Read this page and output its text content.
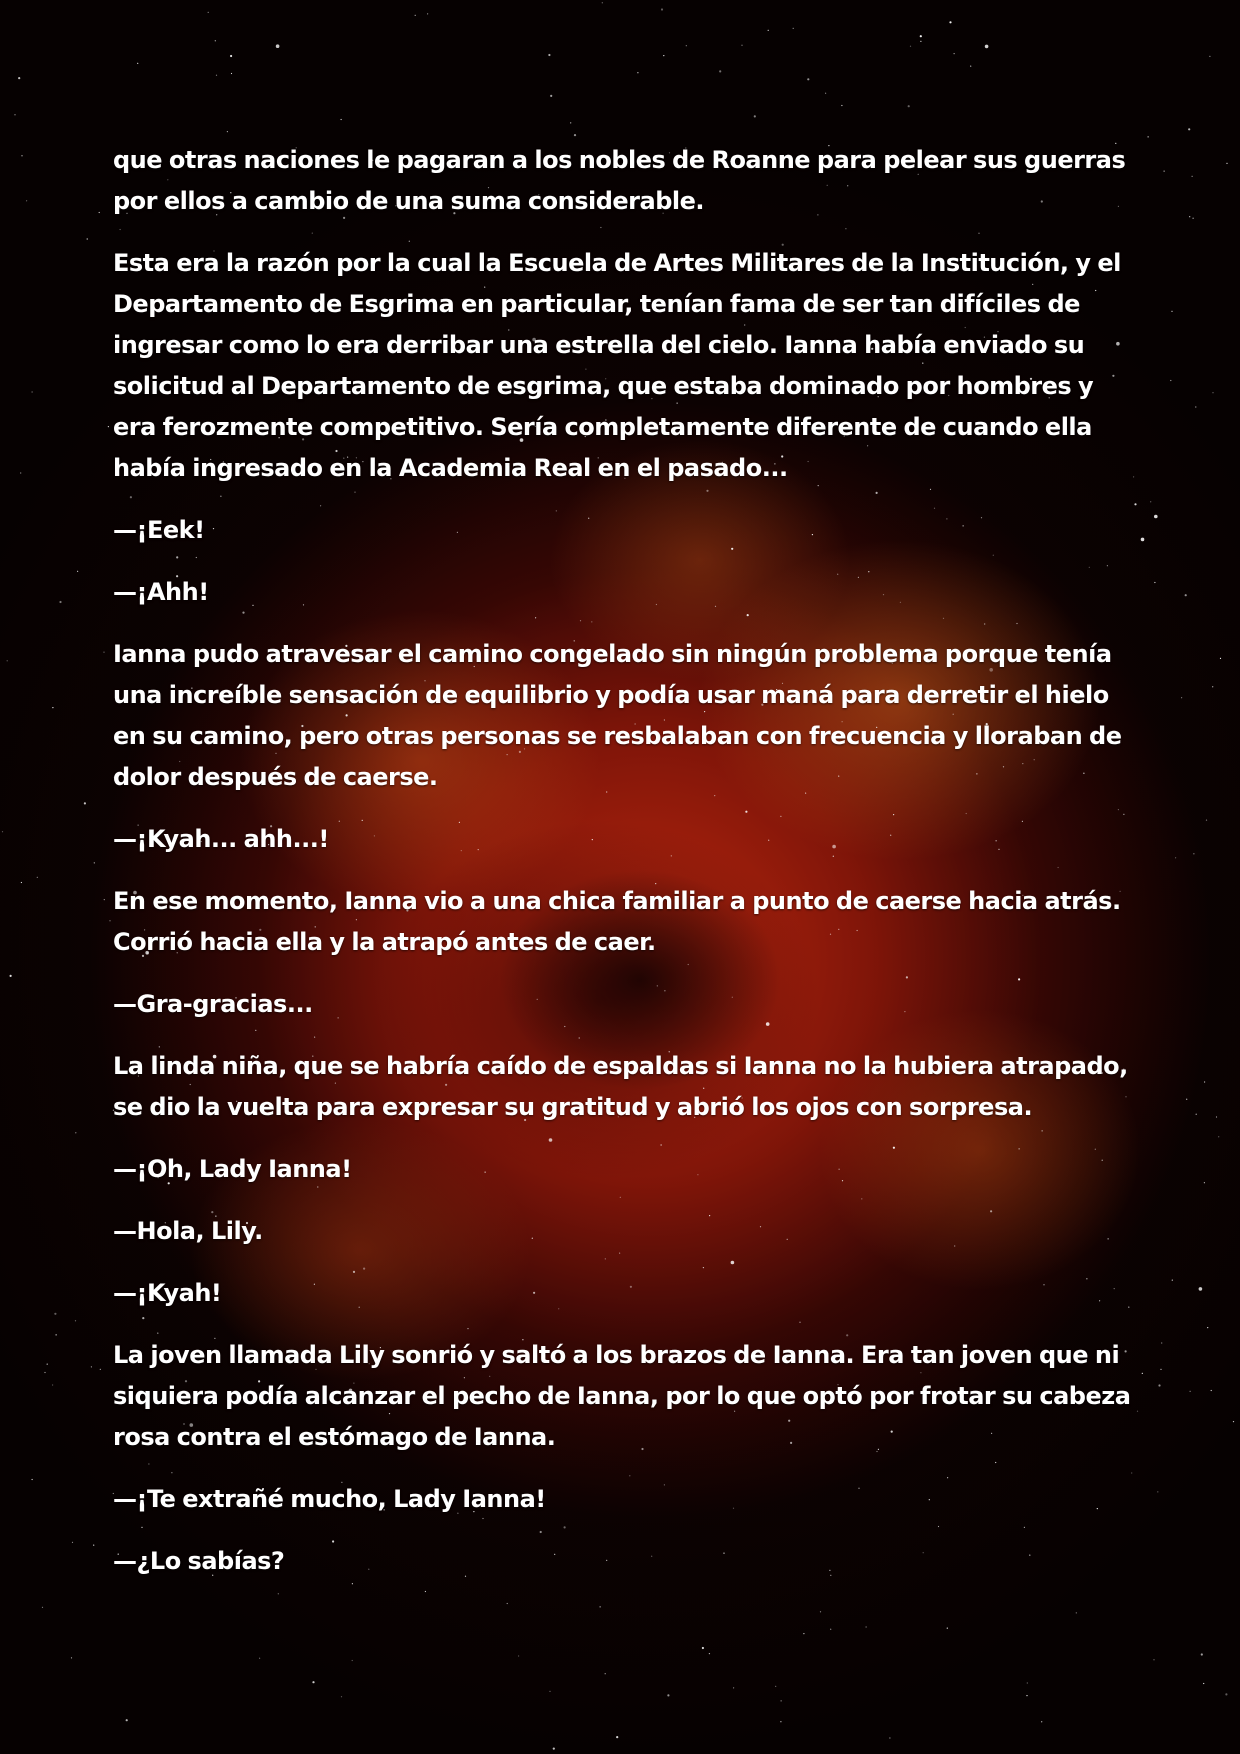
que otras naciones le pagaran a los nobles de Roanne para pelear sus guerras por ellos a cambio de una suma considerable.

Esta era la razón por la cual la Escuela de Artes Militares de la Institución, y el Departamento de Esgrima en particular, tenían fama de ser tan difíciles de ingresar como lo era derribar una estrella del cielo. Ianna había enviado su solicitud al Departamento de esgrima, que estaba dominado por hombres y era ferozmente competitivo. Sería completamente diferente de cuando ella había ingresado en la Academia Real en el pasado...

—¡Eek!

—¡Ahh!

Ianna pudo atravesar el camino congelado sin ningún problema porque tenía una increíble sensación de equilibrio y podía usar maná para derretir el hielo en su camino, pero otras personas se resbalaban con frecuencia y lloraban de dolor después de caerse.

—¡Kyah... ahh...!

En ese momento, Ianna vio a una chica familiar a punto de caerse hacia atrás. Corrió hacia ella y la atrapó antes de caer.

—Gra-gracias...

La linda niña, que se habría caído de espaldas si Ianna no la hubiera atrapado, se dio la vuelta para expresar su gratitud y abrió los ojos con sorpresa.

—¡Oh, Lady Ianna!

—Hola, Lily.

—¡Kyah!

La joven llamada Lily sonrió y saltó a los brazos de Ianna. Era tan joven que ni siquiera podía alcanzar el pecho de Ianna, por lo que optó por frotar su cabeza rosa contra el estómago de Ianna.

—¡Te extrañé mucho, Lady Ianna!

—¿Lo sabías?
